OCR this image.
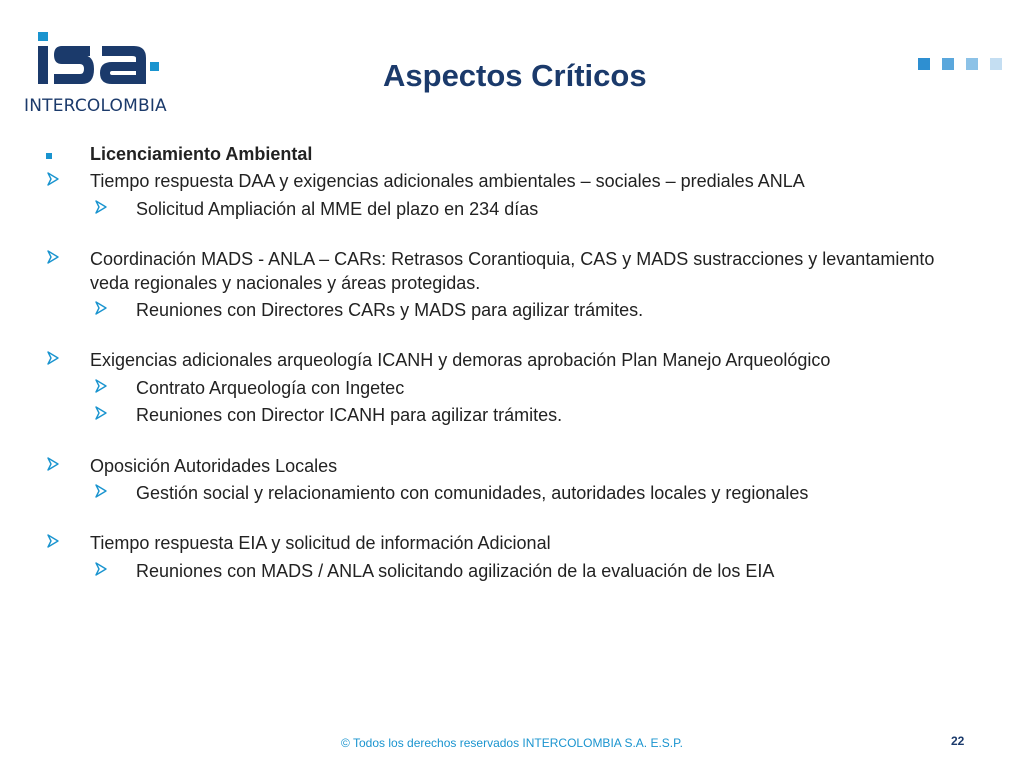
INTERCOLOMBIA
Aspectos Críticos
Licenciamiento Ambiental
Tiempo respuesta DAA y exigencias adicionales ambientales – sociales – prediales ANLA
Solicitud Ampliación al MME del plazo en 234 días
Coordinación MADS - ANLA – CARs: Retrasos Corantioquia, CAS y MADS sustracciones y levantamiento veda regionales y nacionales y áreas protegidas.
Reuniones con Directores CARs y MADS para agilizar trámites.
Exigencias adicionales arqueología ICANH y demoras aprobación Plan Manejo Arqueológico
Contrato Arqueología con Ingetec
Reuniones con Director ICANH para agilizar trámites.
Oposición Autoridades Locales
Gestión social y relacionamiento con comunidades, autoridades locales y regionales
Tiempo respuesta EIA y solicitud de información Adicional
Reuniones con MADS / ANLA solicitando agilización de la evaluación de los EIA
© Todos los derechos reservados INTERCOLOMBIA S.A. E.S.P.	22
